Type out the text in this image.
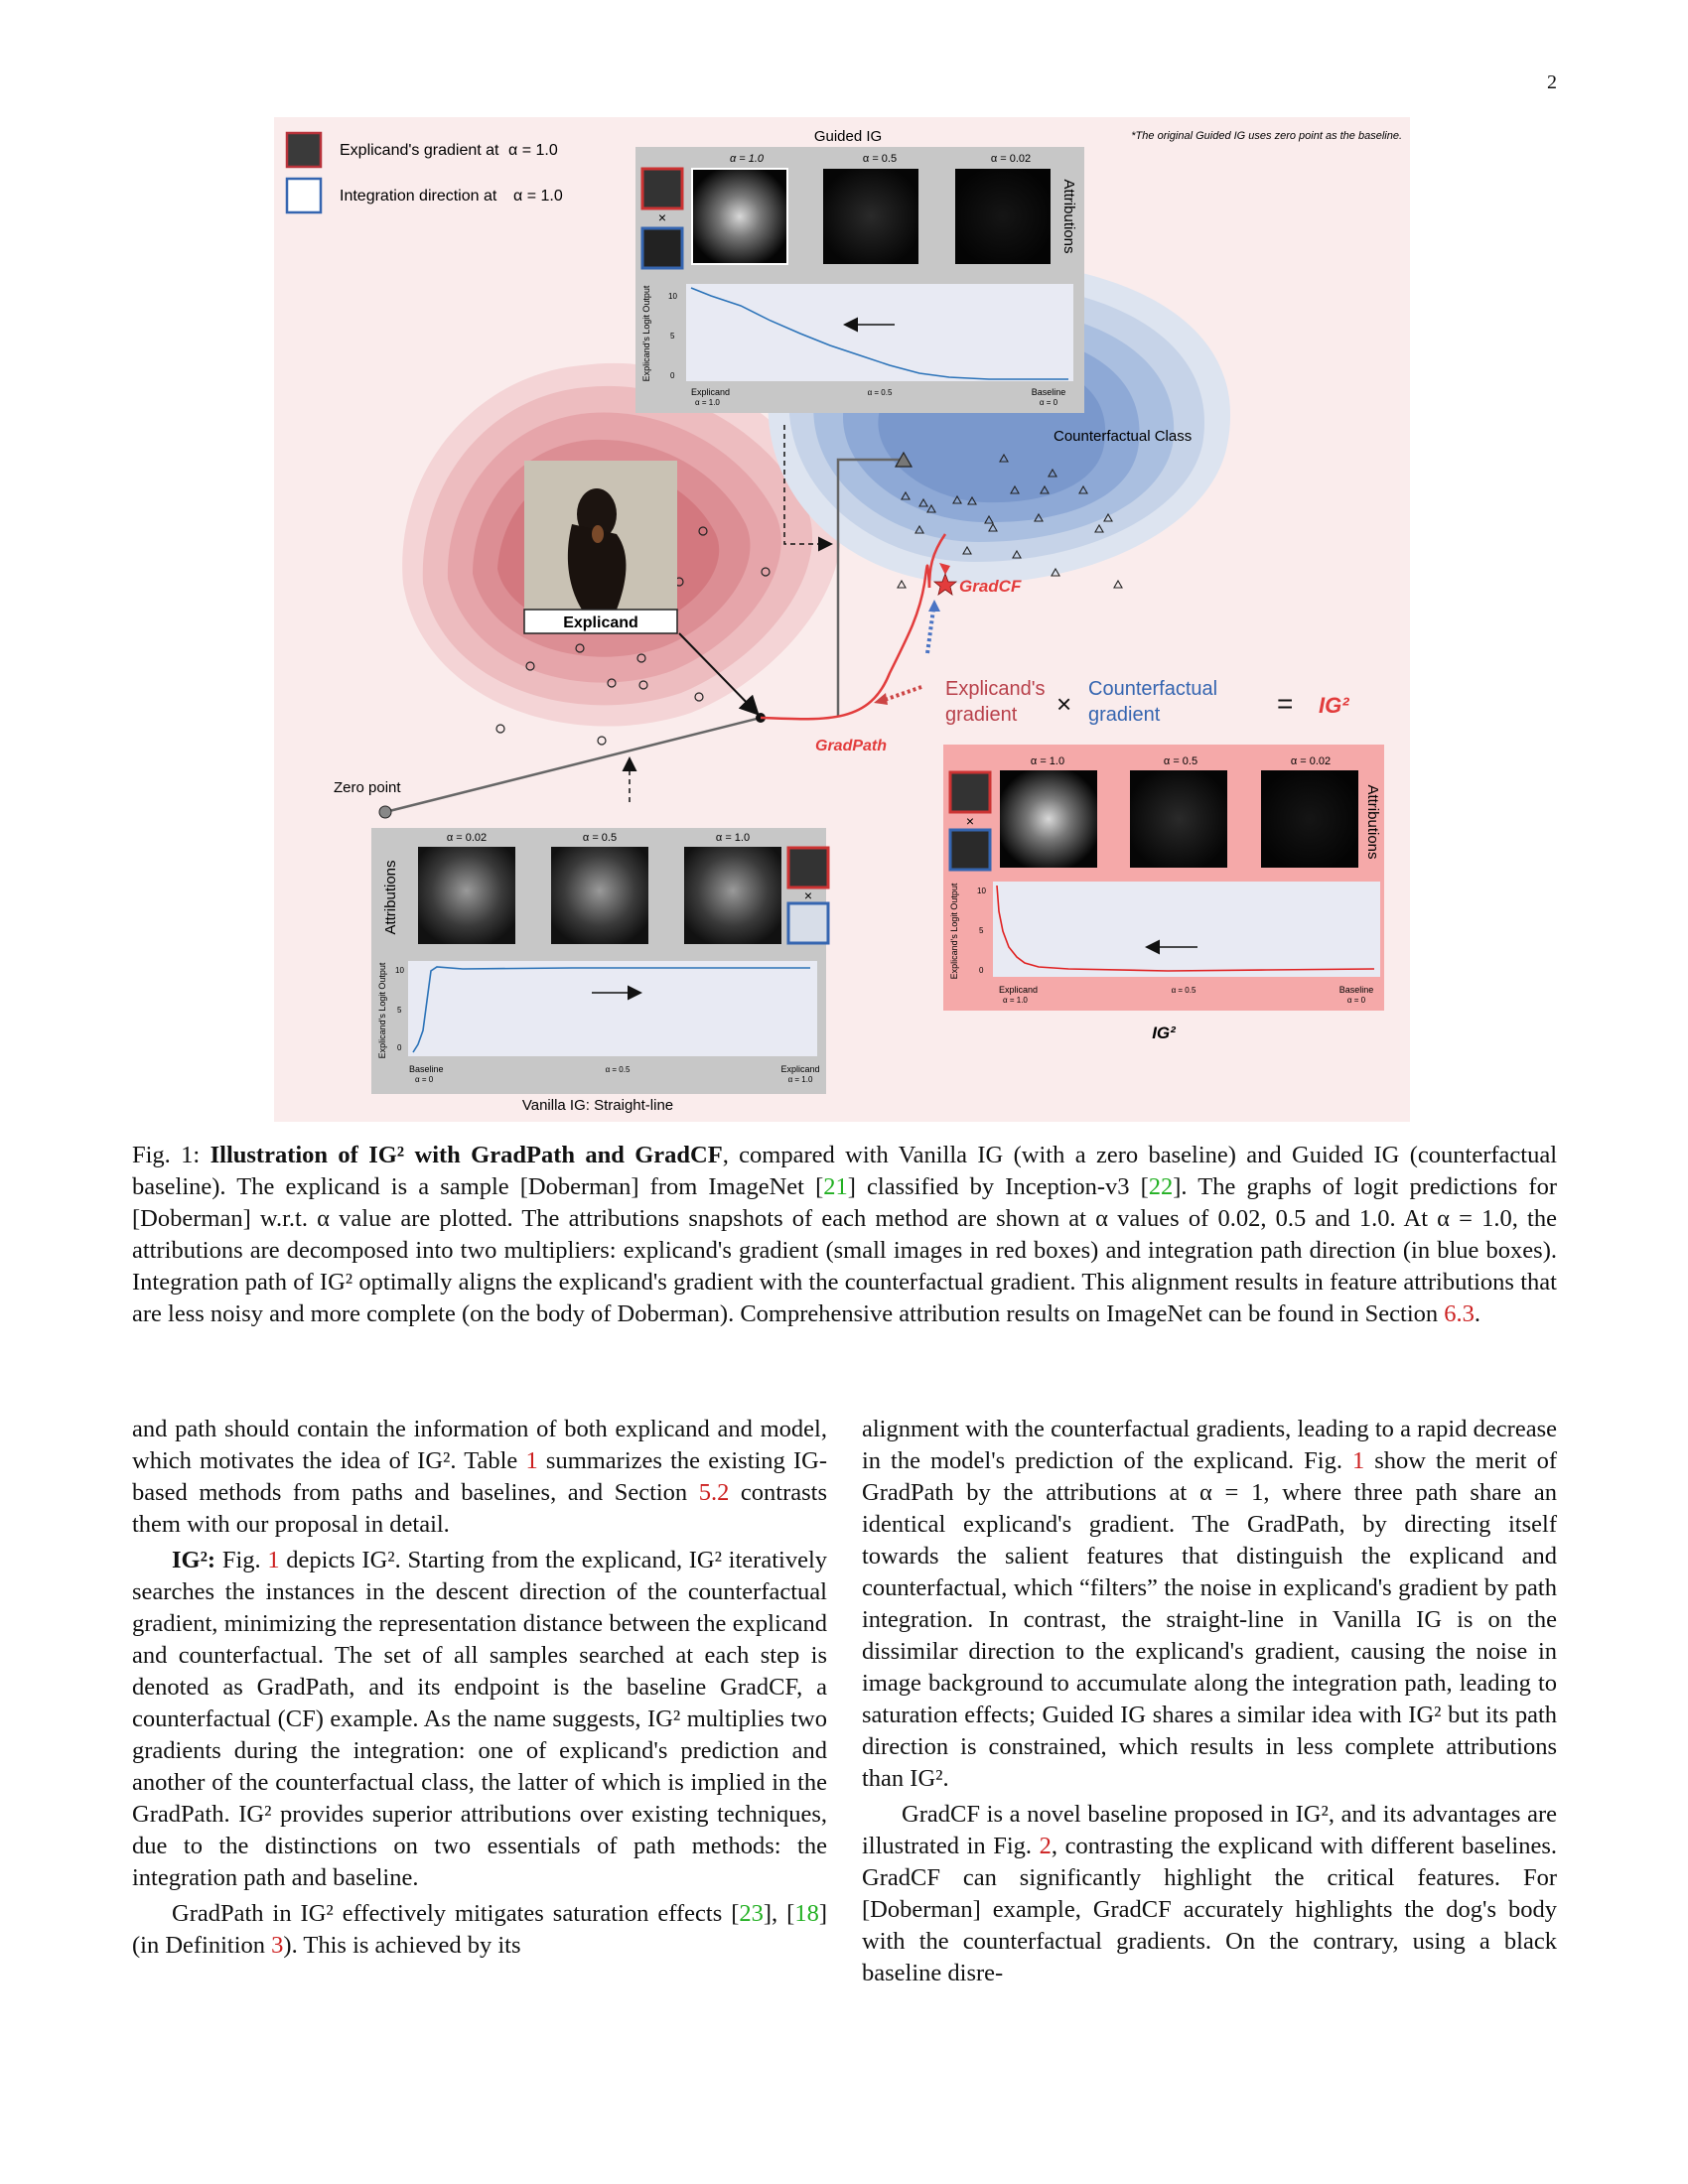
2
Guided IG
α = 1.0	α = 0.5	α = 0.02
×	Attributions
Explicand's Logit Output 10
5
0
Explicand
α = 1.0
α = 0.5	Baseline
α = 0
Explicand's gradient at α = 1.0
Integration direction at α = 1.0
*The original Guided IG uses zero point as the baseline.
Counterfactual Class
Explicand
Zero point
GradPath
GradCF
Explicand's
gradient × Counterfactual
gradient	= IG²
α = 1.0	α = 0.5	α = 0.02
×	Attributions
Explicand's Logit Output 10
5
0
Explicand
α = 1.0
α = 0.5	Baseline
α = 0
IG²
α = 0.02	α = 0.5	α = 1.0
Attributions	×
Explicand's Logit Output 10
5
0
Baseline
α = 0
α = 0.5	Explicand
α = 1.0
Vanilla IG: Straight-line
Fig. 1: Illustration of IG² with GradPath and GradCF, compared with Vanilla IG (with a zero baseline) and Guided IG (counterfactual baseline). The explicand is a sample [Doberman] from ImageNet [21] classified by Inception-v3 [22]. The graphs of logit predictions for [Doberman] w.r.t. α value are plotted. The attributions snapshots of each method are shown at α values of 0.02, 0.5 and 1.0. At α = 1.0, the attributions are decomposed into two multipliers: explicand's gradient (small images in red boxes) and integration path direction (in blue boxes). Integration path of IG² optimally aligns the explicand's gradient with the counterfactual gradient. This alignment results in feature attributions that are less noisy and more complete (on the body of Doberman). Comprehensive attribution results on ImageNet can be found in Section 6.3.

and path should contain the information of both explicand and model, which motivates the idea of IG². Table 1 summarizes the existing IG-based methods from paths and baselines, and Section 5.2 contrasts them with our proposal in detail.

IG²: Fig. 1 depicts IG². Starting from the explicand, IG² iteratively searches the instances in the descent direction of the counterfactual gradient, minimizing the representation distance between the explicand and counterfactual. The set of all samples searched at each step is denoted as GradPath, and its endpoint is the baseline GradCF, a counterfactual (CF) example. As the name suggests, IG² multiplies two gradients during the integration: one of explicand's prediction and another of the counterfactual class, the latter of which is implied in the GradPath. IG² provides superior attributions over existing techniques, due to the distinctions on two essentials of path methods: the integration path and baseline.

GradPath in IG² effectively mitigates saturation effects [23], [18] (in Definition 3). This is achieved by its

alignment with the counterfactual gradients, leading to a rapid decrease in the model's prediction of the explicand. Fig. 1 show the merit of GradPath by the attributions at α = 1, where three path share an identical explicand's gradient. The GradPath, by directing itself towards the salient features that distinguish the explicand and counterfactual, which “filters” the noise in explicand's gradient by path integration. In contrast, the straight-line in Vanilla IG is on the dissimilar direction to the explicand's gradient, causing the noise in image background to accumulate along the integration path, leading to saturation effects; Guided IG shares a similar idea with IG² but its path direction is constrained, which results in less complete attributions than IG².

GradCF is a novel baseline proposed in IG², and its advantages are illustrated in Fig. 2, contrasting the explicand with different baselines. GradCF can significantly highlight the critical features. For [Doberman] example, GradCF accurately highlights the dog's body with the counterfactual gradients. On the contrary, using a black baseline disre-
